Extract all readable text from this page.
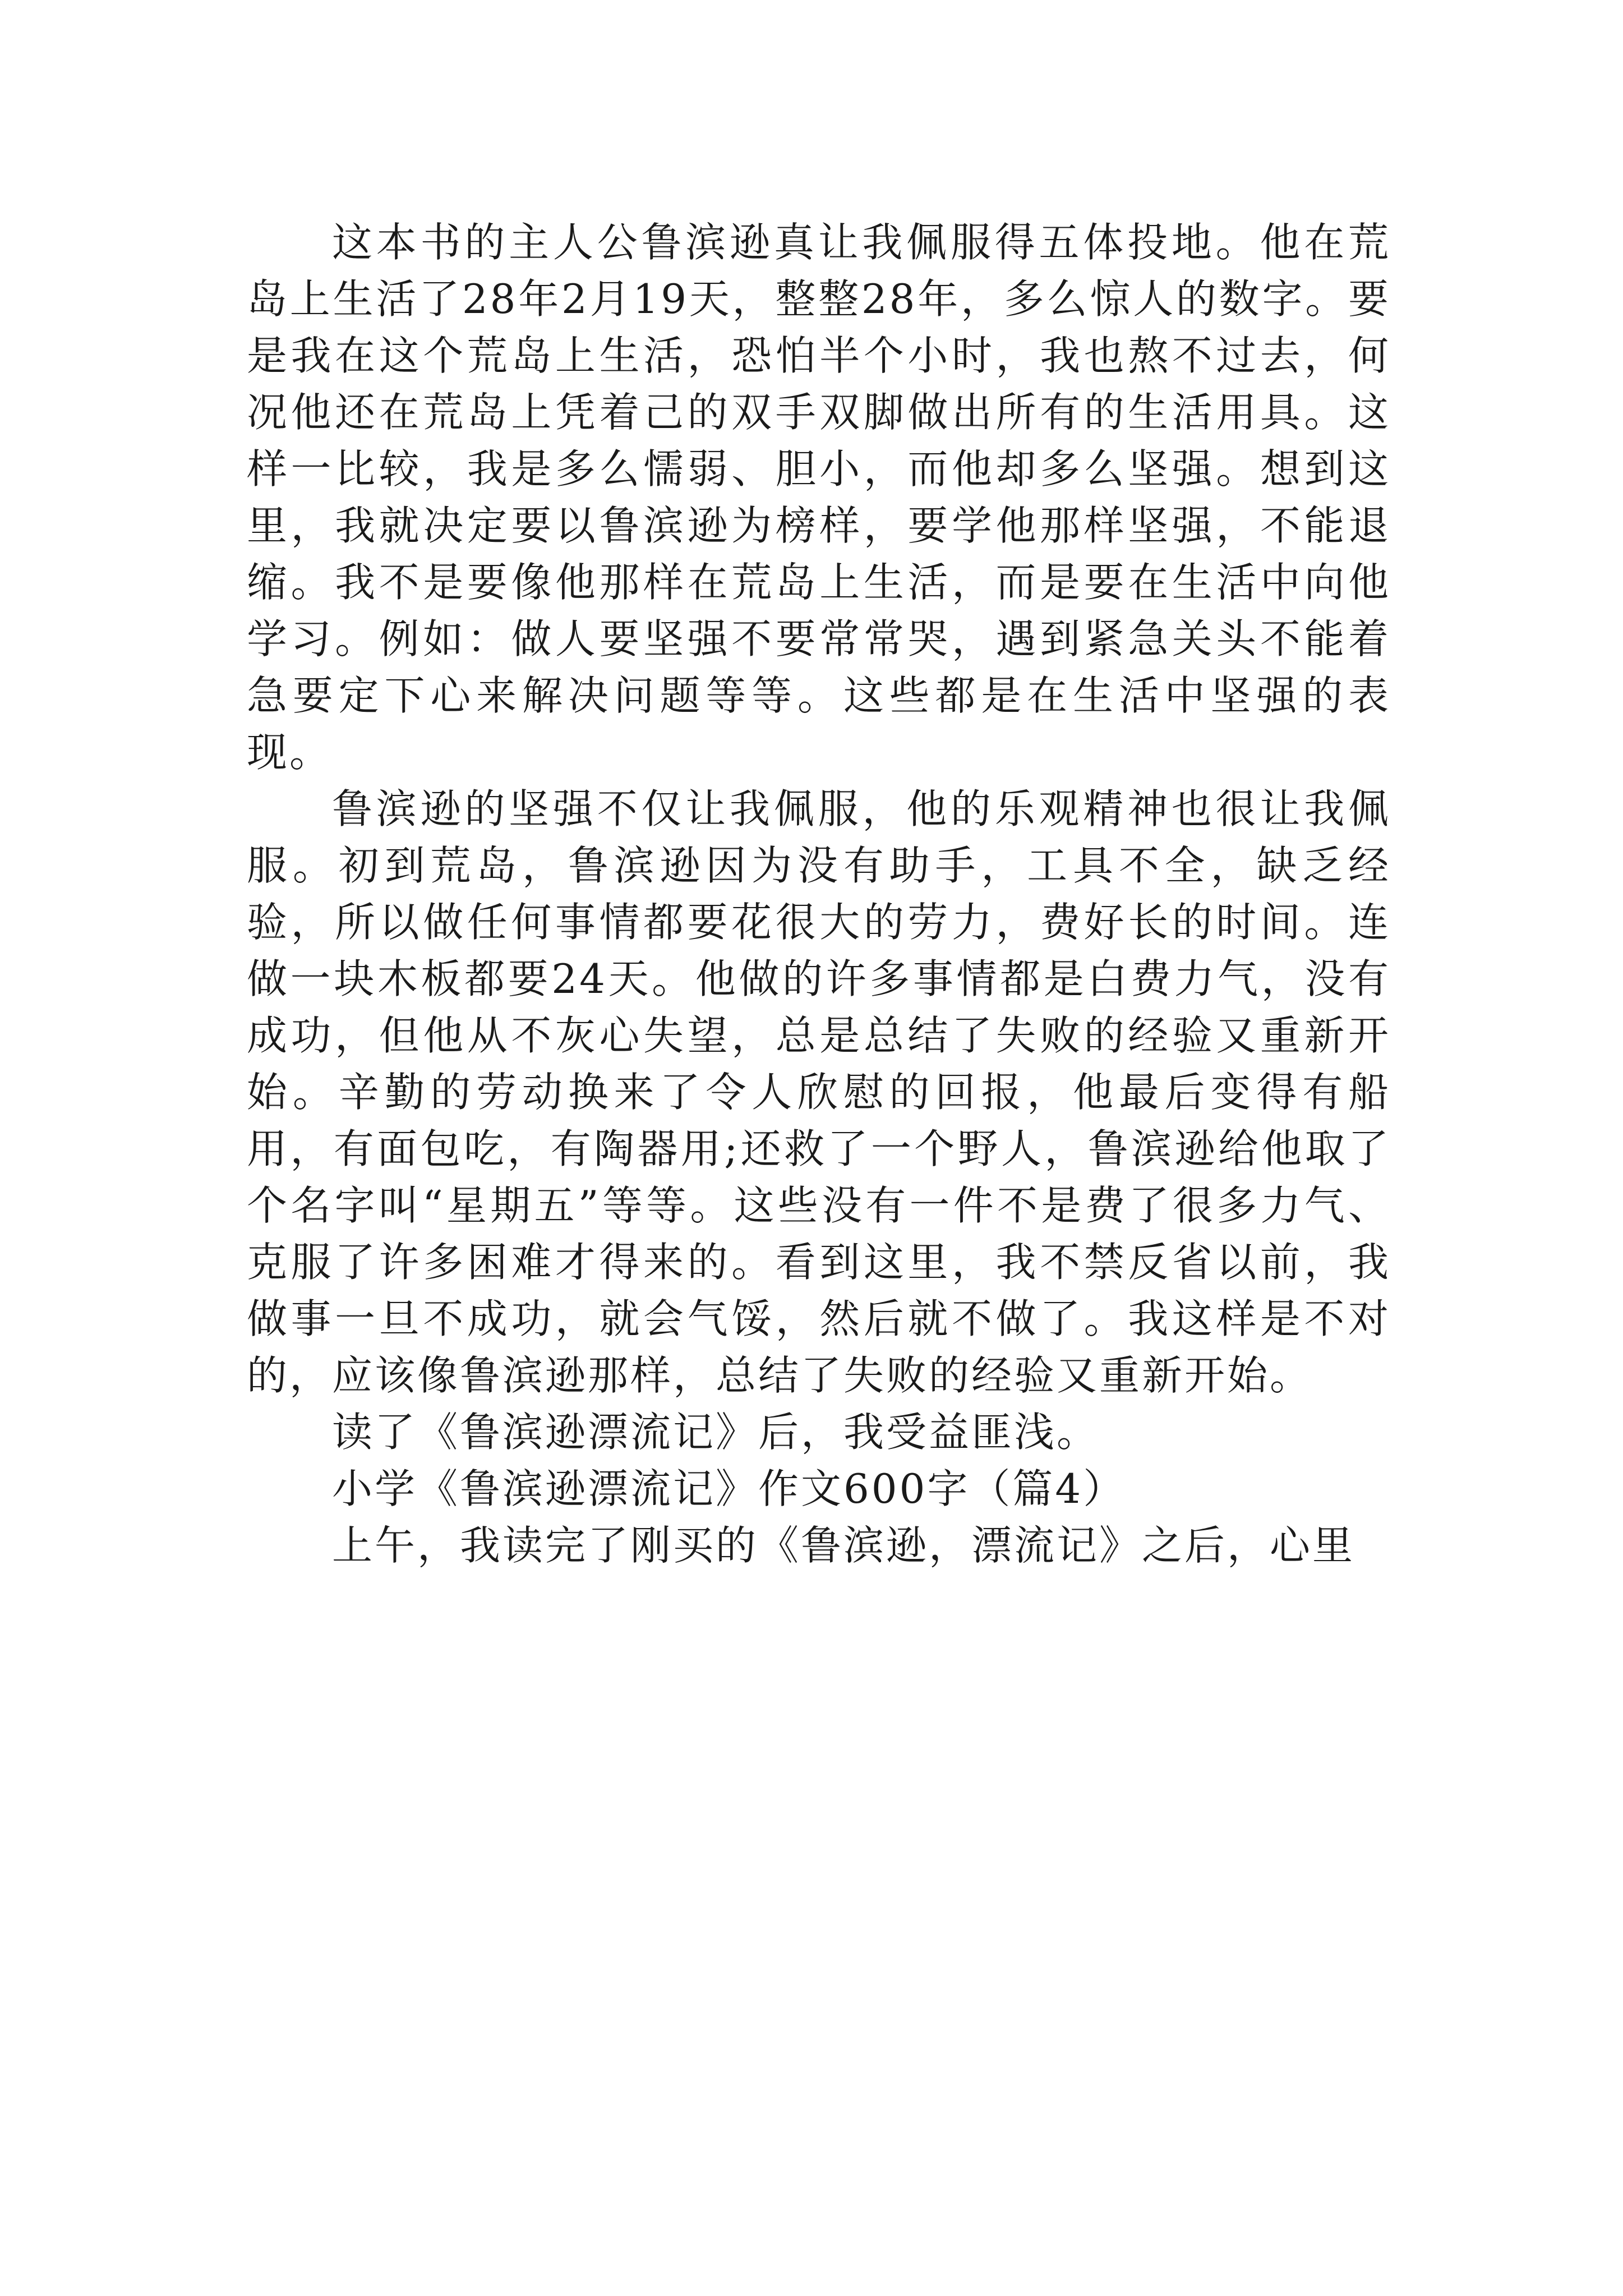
这本书的主人公鲁滨逊真让我佩服得五体投地。他在荒岛上生活了28年2月19天，整整28年，多么惊人的数字。要是我在这个荒岛上生活，恐怕半个小时，我也熬不过去，何况他还在荒岛上凭着己的双手双脚做出所有的生活用具。这样一比较，我是多么懦弱、胆小，而他却多么坚强。想到这里，我就决定要以鲁滨逊为榜样，要学他那样坚强，不能退缩。我不是要像他那样在荒岛上生活，而是要在生活中向他学习。例如：做人要坚强不要常常哭，遇到紧急关头不能着急要定下心来解决问题等等。这些都是在生活中坚强的表现。

鲁滨逊的坚强不仅让我佩服，他的乐观精神也很让我佩服。初到荒岛，鲁滨逊因为没有助手，工具不全，缺乏经验，所以做任何事情都要花很大的劳力，费好长的时间。连做一块木板都要24天。他做的许多事情都是白费力气，没有成功，但他从不灰心失望，总是总结了失败的经验又重新开始。辛勤的劳动换来了令人欣慰的回报，他最后变得有船用，有面包吃，有陶器用;还救了一个野人，鲁滨逊给他取了个名字叫“星期五”等等。这些没有一件不是费了很多力气、克服了许多困难才得来的。看到这里，我不禁反省以前，我做事一旦不成功，就会气馁，然后就不做了。我这样是不对的，应该像鲁滨逊那样，总结了失败的经验又重新开始。

读了《鲁滨逊漂流记》后，我受益匪浅。

小学《鲁滨逊漂流记》作文600字（篇4）

上午，我读完了刚买的《鲁滨逊，漂流记》之后，心里
